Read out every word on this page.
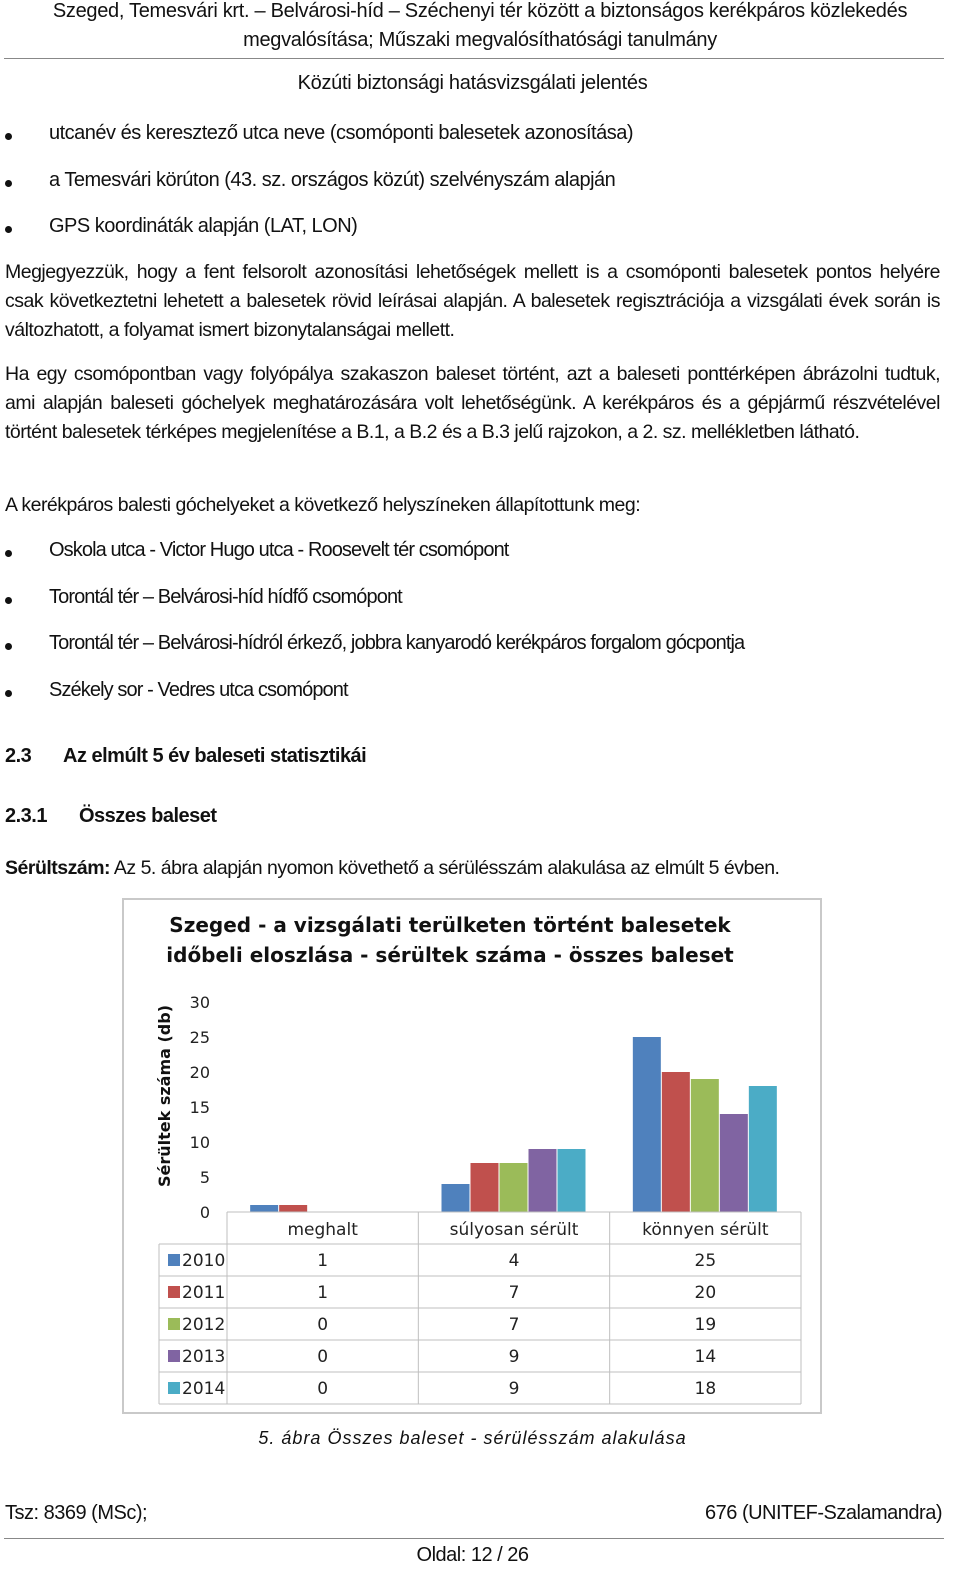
Szeged, Temesvári krt. – Belvárosi-híd – Széchenyi tér között a biztonságos kerékpáros közlekedés
megvalósítása; Műszaki megvalósíthatósági tanulmány
Közúti biztonsági hatásvizsgálati jelentés
utcanév és keresztező utca neve (csomóponti balesetek azonosítása)
a Temesvári körúton (43. sz. országos közút) szelvényszám alapján
GPS koordináták alapján (LAT, LON)
Megjegyezzük, hogy a fent felsorolt azonosítási lehetőségek mellett is a csomóponti balesetek pontos helyére csak következtetni lehetett a balesetek rövid leírásai alapján. A balesetek regisztrációja a vizsgálati évek során is változhatott, a folyamat ismert bizonytalanságai mellett.
Ha egy csomópontban vagy folyópálya szakaszon baleset történt, azt a baleseti ponttérképen ábrázolni tudtuk, ami alapján baleseti góchelyek meghatározására volt lehetőségünk. A kerékpáros és a gépjármű részvételével történt balesetek térképes megjelenítése a B.1, a B.2 és a B.3 jelű rajzokon, a 2. sz. mellékletben látható.
A kerékpáros balesti góchelyeket a következő helyszíneken állapítottunk meg:
Oskola utca - Victor Hugo utca - Roosevelt tér csomópont
Torontál tér – Belvárosi-híd hídfő csomópont
Torontál tér – Belvárosi-hídról érkező, jobbra kanyarodó kerékpáros forgalom gócpontja
Székely sor - Vedres utca csomópont
2.3 Az elmúlt 5 év baleseti statisztikái
2.3.1 Összes baleset
Sérültszám: Az 5. ábra alapján nyomon követhető a sérülésszám alakulása az elmúlt 5 évben.
Szeged - a vizsgálati terülketen történt balesetek
időbeli eloszlása - sérültek száma - összes baleset
Sérültek száma (db)
0
5
10
15
20
25
30
meghalt	súlyosan sérült	könnyen sérült
2010	1	4	25
2011	1	7	20
2012	0	7	19
2013	0	9	14
2014	0	9	18
5. ábra Összes baleset - sérülésszám alakulása
Tsz: 8369 (MSc);	676 (UNITEF-Szalamandra)
Oldal: 12 / 26
